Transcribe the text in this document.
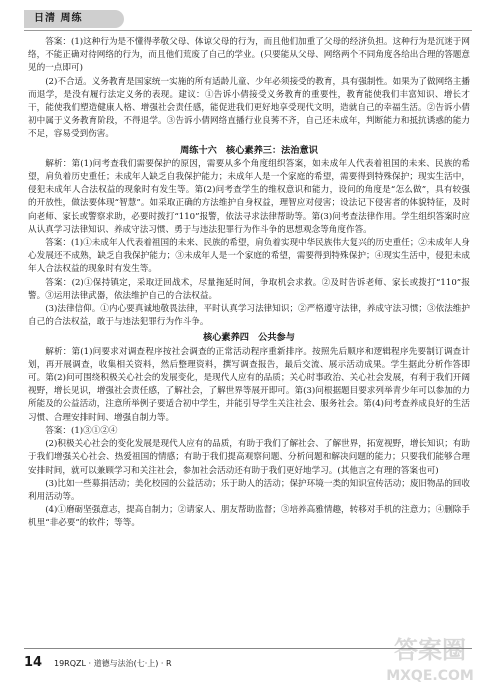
日清 周练

答案：(1)这种行为是不懂得孝敬父母、体谅父母的行为，而且他们加重了父母的经济负担。这种行为是沉迷于网络，不能正确对待网络的行为，而且他们荒废了自己的学业。(只要能从父母、网络两个不同角度各给出合理的答题意见的一点即可)

(2)不合适。义务教育是国家统一实施的所有适龄儿童、少年必须接受的教育，具有强制性。如果为了做网络主播而退学，是没有履行法定义务的表现。建议：①告诉小倩接受义务教育的重要性，教育能使我们丰富知识、增长才干，能使我们塑造健康人格、增强社会责任感，能促进我们更好地享受现代文明，造就自己的幸福生活。②告诉小倩初中属于义务教育阶段，不得退学。③告诉小倩网络直播行业良莠不齐，自己还未成年，判断能力和抵抗诱惑的能力不足，容易受到伤害。

周练十六　核心素养三：法治意识

解析：第(1)问考查我们需要保护的原因，需要从多个角度组织答案，如未成年人代表着祖国的未来、民族的希望，肩负着历史重任；未成年人缺乏自我保护能力；未成年人是一个家庭的希望，需要得到特殊保护；现实生活中，侵犯未成年人合法权益的现象时有发生等。第(2)问考查学生的维权意识和能力，设问的角度是“怎么做”，具有较强的开放性，做法要体现“智慧”。如采取正确的方法维护自身权益，理智应对侵害；设法记下侵害者的体貌特征，及时向老师、家长或警察求助，必要时拨打“110”报警，依法寻求法律帮助等。第(3)问考查法律作用。学生组织答案时应从认真学习法律知识、养成守法习惯、勇于与违法犯罪行为作斗争的思想观念等角度作答。

答案：(1)①未成年人代表着祖国的未来、民族的希望，肩负着实现中华民族伟大复兴的历史重任；②未成年人身心发展还不成熟，缺乏自我保护能力；③未成年人是一个家庭的希望，需要得到特殊保护；④现实生活中，侵犯未成年人合法权益的现象时有发生等。

答案：(2)①保持镇定，采取迂回战术，尽量拖延时间，争取机会求救。②及时告诉老师、家长或拨打“110”报警。③运用法律武器，依法维护自己的合法权益。

(3)法律信仰。①内心要真诚地敬畏法律，平时认真学习法律知识；②严格遵守法律，养成守法习惯；③依法维护自己的合法权益，敢于与违法犯罪行为作斗争。

核心素养四　公共参与

解析：第(1)问要求对调查程序按社会调查的正常活动程序重新排序。按照先后顺序和逻辑程序先要制订调查计划，再开展调查，收集相关资料，然后整理资料，撰写调查报告，最后交流、展示活动成果。学生据此分析作答即可。第(2)问可围绕积极关心社会的发展变化，是现代人应有的品质；关心时事政治、关心社会发展，有利于我们开阔视野，增长见识，增强社会责任感，了解社会，了解世界等展开即可。第(3)问根据题目要求列举青少年可以参加的力所能及的公益活动，注意所举例子要适合初中学生，并能引导学生关注社会、服务社会。第(4)问考查养成良好的生活习惯、合理安排时间、增强自制力等。

答案：(1)③①②④

(2)积极关心社会的变化发展是现代人应有的品质，有助于我们了解社会、了解世界，拓宽视野，增长知识；有助于我们增强关心社会、热爱祖国的情感；有助于我们提高观察问题、分析问题和解决问题的能力；只要我们能够合理安排时间，就可以兼顾学习和关注社会，参加社会活动还有助于我们更好地学习。(其他言之有理的答案也可)

(3)比如一些募捐活动；美化校园的公益活动；乐于助人的活动；保护环境一类的知识宣传活动；废旧物品的回收利用活动等。

(4)①磨砺坚强意志，提高自制力；②请家人、朋友帮助监督；③培养高雅情趣，转移对手机的注意力；④删除手机里“非必要”的软件；等等。

14 19RQZL · 道德与法治(七·上) · R	答案圈
MXQE.COM
